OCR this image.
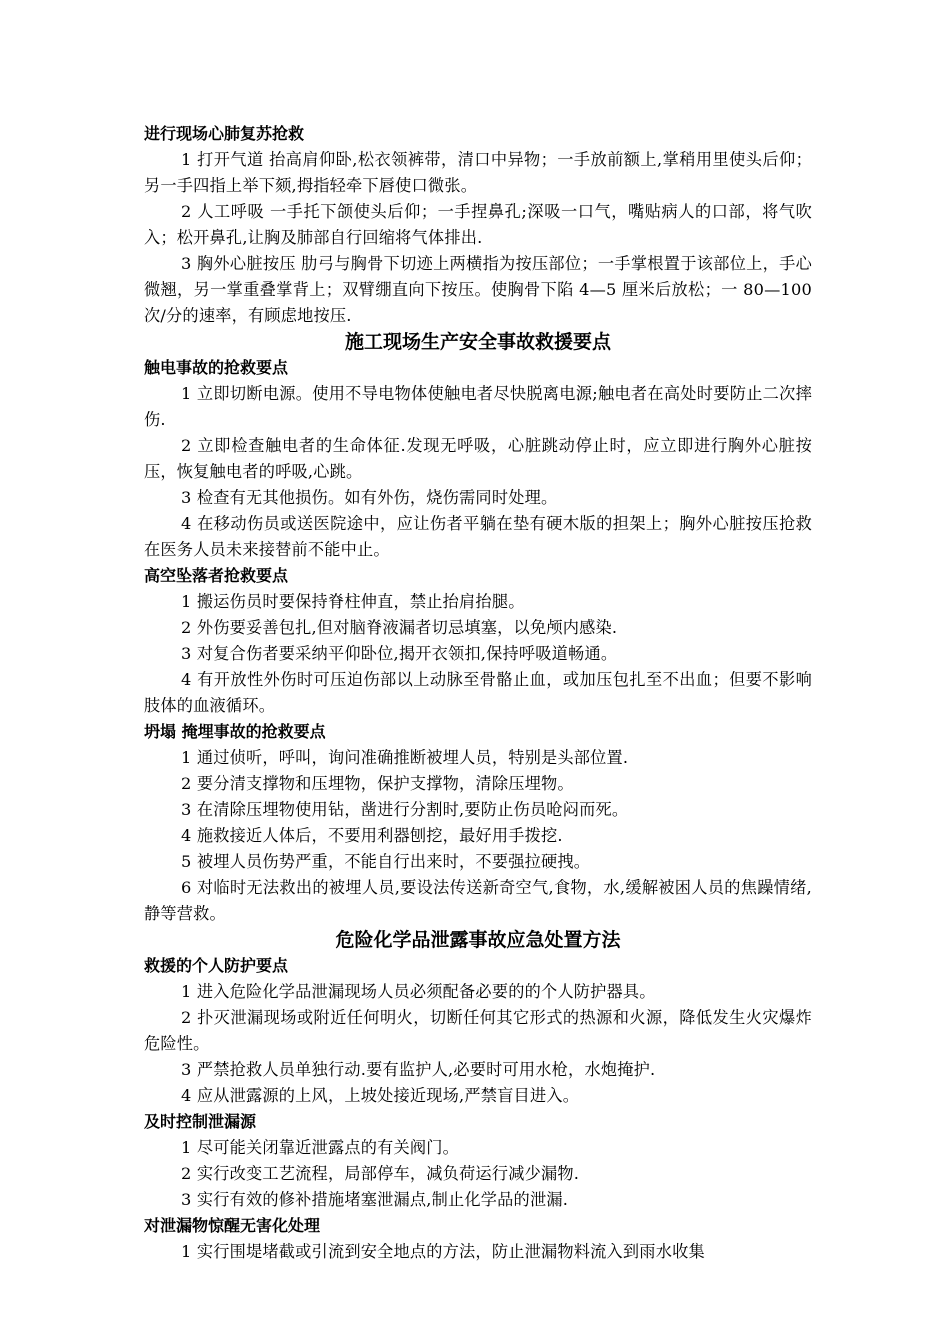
进行现场心肺复苏抢救

1 打开气道 抬高肩仰卧,松衣领裤带，清口中异物；一手放前额上,掌稍用里使头后仰；另一手四指上举下颏,拇指轻牵下唇使口微张。

2 人工呼吸 一手托下颌使头后仰；一手捏鼻孔;深吸一口气，嘴贴病人的口部，将气吹入；松开鼻孔,让胸及肺部自行回缩将气体排出.

3 胸外心脏按压 肋弓与胸骨下切迹上两横指为按压部位；一手掌根置于该部位上，手心微翘，另一掌重叠掌背上；双臂绷直向下按压。使胸骨下陷 4—5 厘米后放松；一 80—100 次/分的速率，有顾虑地按压.

施工现场生产安全事故救援要点
触电事故的抢救要点

1 立即切断电源。使用不导电物体使触电者尽快脱离电源;触电者在高处时要防止二次摔伤.

2 立即检查触电者的生命体征.发现无呼吸，心脏跳动停止时，应立即进行胸外心脏按压，恢复触电者的呼吸,心跳。

3 检查有无其他损伤。如有外伤，烧伤需同时处理。

4 在移动伤员或送医院途中，应让伤者平躺在垫有硬木版的担架上；胸外心脏按压抢救在医务人员未来接替前不能中止。

高空坠落者抢救要点

1 搬运伤员时要保持脊柱伸直，禁止抬肩抬腿。

2 外伤要妥善包扎,但对脑脊液漏者切忌填塞，以免颅内感染.

3 对复合伤者要采纳平仰卧位,揭开衣领扣,保持呼吸道畅通。

4 有开放性外伤时可压迫伤部以上动脉至骨骼止血，或加压包扎至不出血；但要不影响肢体的血液循环。

坍塌 掩埋事故的抢救要点

1 通过侦听，呼叫，询问准确推断被埋人员，特别是头部位置.

2 要分清支撑物和压埋物，保护支撑物，清除压埋物。

3 在清除压埋物使用钻，凿进行分割时,要防止伤员呛闷而死。

4 施救接近人体后，不要用利器刨挖，最好用手拨挖.

5 被埋人员伤势严重，不能自行出来时，不要强拉硬拽。

6 对临时无法救出的被埋人员,要设法传送新奇空气,食物，水,缓解被困人员的焦躁情绪,静等营救。

危险化学品泄露事故应急处置方法
救援的个人防护要点

1 进入危险化学品泄漏现场人员必须配备必要的的个人防护器具。

2 扑灭泄漏现场或附近任何明火，切断任何其它形式的热源和火源，降低发生火灾爆炸危险性。

3 严禁抢救人员单独行动.要有监护人,必要时可用水枪，水炮掩护.

4 应从泄露源的上风，上坡处接近现场,严禁盲目进入。

及时控制泄漏源

1 尽可能关闭靠近泄露点的有关阀门。

2 实行改变工艺流程，局部停车，减负荷运行减少漏物.

3 实行有效的修补措施堵塞泄漏点,制止化学品的泄漏.

对泄漏物惊醒无害化处理

1 实行围堤堵截或引流到安全地点的方法，防止泄漏物料流入到雨水收集
